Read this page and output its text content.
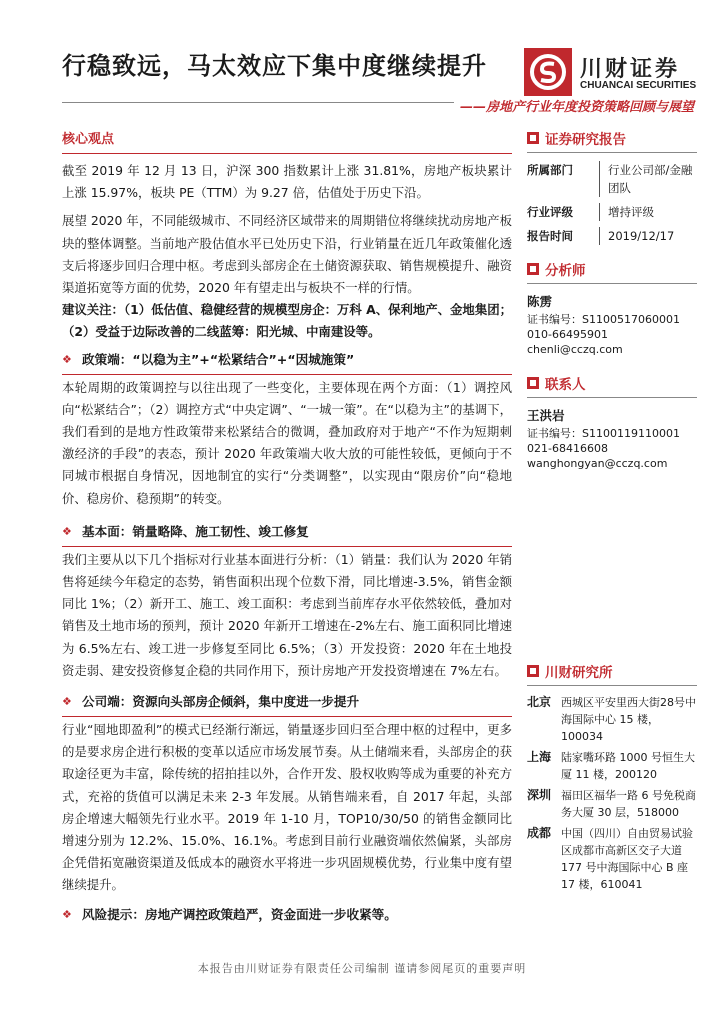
行稳致远，马太效应下集中度继续提升	川财证券
CHUANCAI SECURITIES
——房地产行业年度投资策略回顾与展望
核心观点
截至 2019 年 12 月 13 日，沪深 300 指数累计上涨 31.81%，房地产板块累计上涨 15.97%，板块 PE（TTM）为 9.27 倍，估值处于历史下沿。
展望 2020 年，不同能级城市、不同经济区域带来的周期错位将继续扰动房地产板块的整体调整。当前地产股估值水平已处历史下沿，行业销量在近几年政策催化透支后将逐步回归合理中枢。考虑到头部房企在土储资源获取、销售规模提升、融资渠道拓宽等方面的优势，2020 年有望走出与板块不一样的行情。
建议关注：（1）低估值、稳健经营的规模型房企：万科 A、保利地产、金地集团；（2）受益于边际改善的二线蓝筹：阳光城、中南建设等。
❖ 政策端：“以稳为主”+“松紧结合”+“因城施策”
本轮周期的政策调控与以往出现了一些变化，主要体现在两个方面：（1）调控风向“松紧结合”；（2）调控方式“中央定调”、“一城一策”。在“以稳为主”的基调下，我们看到的是地方性政策带来松紧结合的微调，叠加政府对于地产“不作为短期刺激经济的手段”的表态，预计 2020 年政策端大收大放的可能性较低，更倾向于不同城市根据自身情况，因地制宜的实行“分类调整”，以实现由“限房价”向“稳地价、稳房价、稳预期”的转变。
❖ 基本面：销量略降、施工韧性、竣工修复
我们主要从以下几个指标对行业基本面进行分析：（1）销量：我们认为 2020 年销售将延续今年稳定的态势，销售面积出现个位数下滑，同比增速-3.5%，销售金额同比 1%；（2）新开工、施工、竣工面积：考虑到当前库存水平依然较低，叠加对销售及土地市场的预判，预计 2020 年新开工增速在-2%左右、施工面积同比增速为 6.5%左右、竣工进一步修复至同比 6.5%；（3）开发投资：2020 年在土地投资走弱、建安投资修复企稳的共同作用下，预计房地产开发投资增速在 7%左右。
❖ 公司端：资源向头部房企倾斜，集中度进一步提升
行业“囤地即盈利”的模式已经渐行渐远，销量逐步回归至合理中枢的过程中，更多的是要求房企进行积极的变革以适应市场发展节奏。从土储端来看，头部房企的获取途径更为丰富，除传统的招拍挂以外，合作开发、股权收购等成为重要的补充方式，充裕的货值可以满足未来 2-3 年发展。从销售端来看，自 2017 年起，头部房企增速大幅领先行业水平。2019 年 1-10 月，TOP10/30/50 的销售金额同比增速分别为 12.2%、15.0%、16.1%。考虑到目前行业融资端依然偏紧，头部房企凭借拓宽融资渠道及低成本的融资水平将进一步巩固规模优势，行业集中度有望继续提升。
❖ 风险提示：房地产调控政策趋严，资金面进一步收紧等。
证券研究报告
所属部门	行业公司部/金融团队
行业评级	增持评级
报告时间	2019/12/17
分析师
陈雳
证书编号：S1100517060001
010-66495901
chenli@cczq.com
联系人
王洪岩
证书编号：S1100119110001
021-68416608
wanghongyan@cczq.com
川财研究所
北京 西城区平安里西大街28号中海国际中心 15 楼，100034
上海 陆家嘴环路 1000 号恒生大厦 11 楼，200120
深圳 福田区福华一路 6 号免税商务大厦 30 层，518000
成都 中国（四川）自由贸易试验区成都市高新区交子大道 177 号中海国际中心 B 座 17 楼，610041
本报告由川财证券有限责任公司编制 谨请参阅尾页的重要声明
